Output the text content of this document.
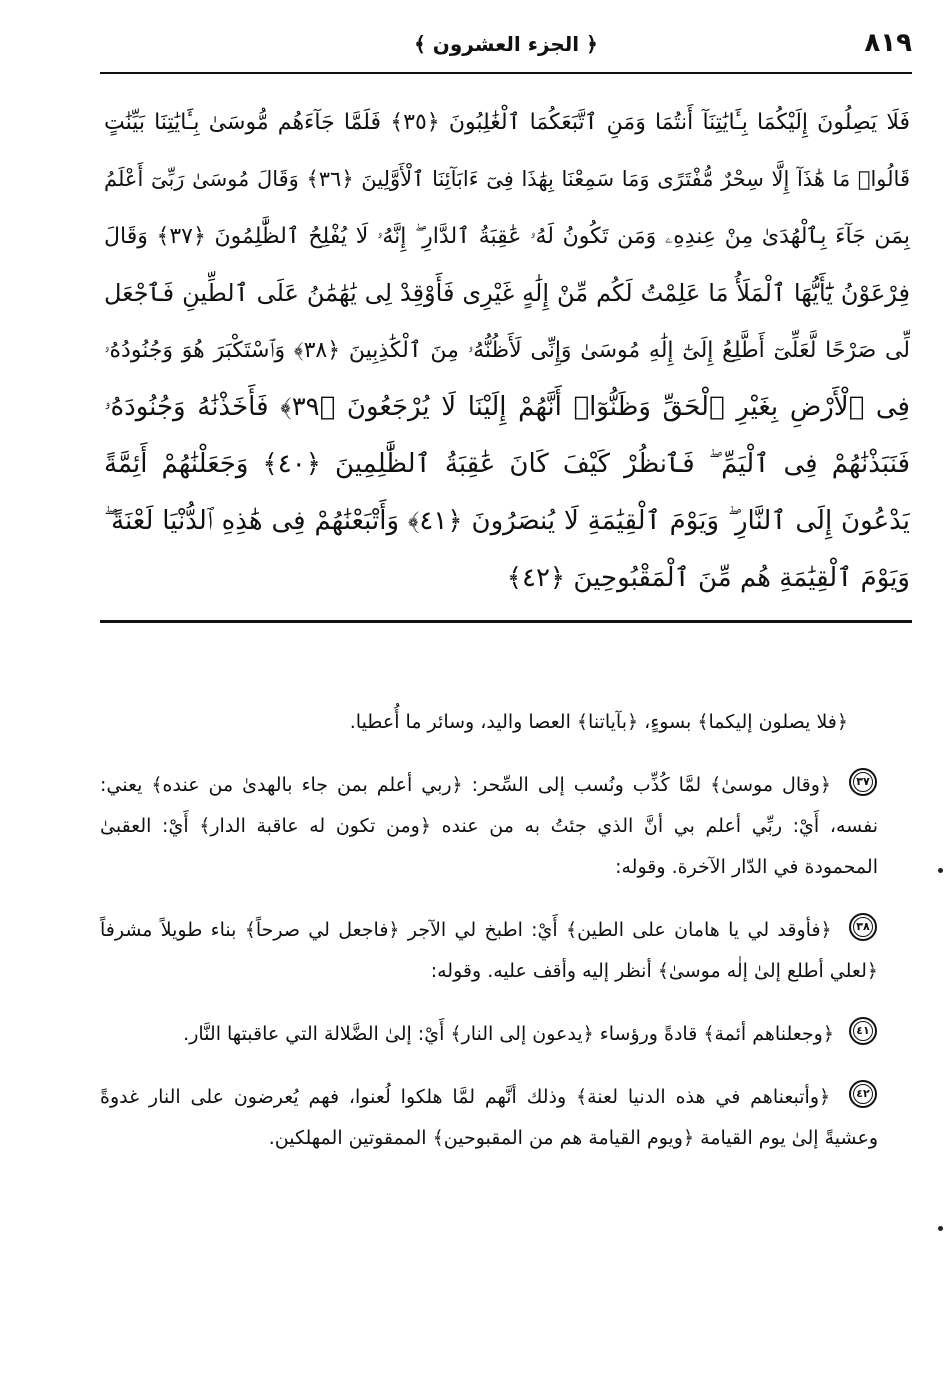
٨١٩
﴿ الجزء العشرون ﴾
فَلَا يَصِلُونَ إِلَيْكُمَا بِـَٔايَٰتِنَآ أَنتُمَا وَمَنِ ٱتَّبَعَكُمَا ٱلْغَٰلِبُونَ ﴿٣٥﴾ فَلَمَّا جَآءَهُم مُّوسَىٰ بِـَٔايَٰتِنَا بَيِّنَٰتٍ
قَالُوا۟ مَا هَٰذَآ إِلَّا سِحْرٌ مُّفْتَرًى وَمَا سَمِعْنَا بِهَٰذَا فِىٓ ءَابَآئِنَا ٱلْأَوَّلِينَ ﴿٣٦﴾ وَقَالَ مُوسَىٰ رَبِّىٓ أَعْلَمُ
بِمَن جَآءَ بِٱلْهُدَىٰ مِنْ عِندِهِۦ وَمَن تَكُونُ لَهُۥ عَٰقِبَةُ ٱلدَّارِ ۖ إِنَّهُۥ لَا يُفْلِحُ ٱلظَّٰلِمُونَ ﴿٣٧﴾ وَقَالَ
فِرْعَوْنُ يَٰٓأَيُّهَا ٱلْمَلَأُ مَا عَلِمْتُ لَكُم مِّنْ إِلَٰهٍ غَيْرِى فَأَوْقِدْ لِى يَٰهَٰمَٰنُ عَلَى ٱلطِّينِ فَٱجْعَل
لِّى صَرْحًا لَّعَلِّىٓ أَطَّلِعُ إِلَىٰٓ إِلَٰهِ مُوسَىٰ وَإِنِّى لَأَظُنُّهُۥ مِنَ ٱلْكَٰذِبِينَ ﴿٣٨﴾ وَٱسْتَكْبَرَ هُوَ وَجُنُودُهُۥ
فِى ٱلْأَرْضِ بِغَيْرِ ٱلْحَقِّ وَظَنُّوٓا۟ أَنَّهُمْ إِلَيْنَا لَا يُرْجَعُونَ ﴿٣٩﴾ فَأَخَذْنَٰهُ وَجُنُودَهُۥ
فَنَبَذْنَٰهُمْ فِى ٱلْيَمِّ ۖ فَٱنظُرْ كَيْفَ كَانَ عَٰقِبَةُ ٱلظَّٰلِمِينَ ﴿٤٠﴾ وَجَعَلْنَٰهُمْ أَئِمَّةً
يَدْعُونَ إِلَى ٱلنَّارِ ۖ وَيَوْمَ ٱلْقِيَٰمَةِ لَا يُنصَرُونَ ﴿٤١﴾ وَأَتْبَعْنَٰهُمْ فِى هَٰذِهِ ٱلدُّنْيَا لَعْنَةً ۖ
وَيَوْمَ ٱلْقِيَٰمَةِ هُم مِّنَ ٱلْمَقْبُوحِينَ ﴿٤٢﴾

﴿فلا يصلون إليكما﴾ بسوءٍ، ﴿بآياتنا﴾ العصا واليد، وسائر ما أُعطيا.

٣٧
﴿وقال موسىٰ﴾ لمَّا كُذِّب ونُسب إلى السِّحر: ﴿ربي أعلم بمن جاء بالهدىٰ من عنده﴾ يعني: نفسه، أَيْ: ربِّي أعلم بي أنَّ الذي جئتُ به من عنده ﴿ومن تكون له عاقبة الدار﴾ أَيْ: العقبىٰ المحمودة في الدّار الآخرة. وقوله:

٣٨
﴿فأوقد لي يا هامان على الطين﴾ أَيْ: اطبخ لي الآجر ﴿فاجعل لي صرحاً﴾ بناء طويلاً مشرفاً ﴿لعلي أطلع إلىٰ إلٰه موسىٰ﴾ أنظر إليه وأقف عليه. وقوله:

٤١
﴿وجعلناهم أئمة﴾ قادةً ورؤساء ﴿يدعون إلى النار﴾ أَيْ: إلىٰ الضَّلالة التي عاقبتها النَّار.

٤٢
﴿وأتبعناهم في هذه الدنيا لعنة﴾ وذلك أنَّهم لمَّا هلكوا لُعنوا، فهم يُعرضون على النار غدوةً وعشيةً إلىٰ يوم القيامة ﴿ويوم القيامة هم من المقبوحين﴾ الممقوتين المهلكين.
